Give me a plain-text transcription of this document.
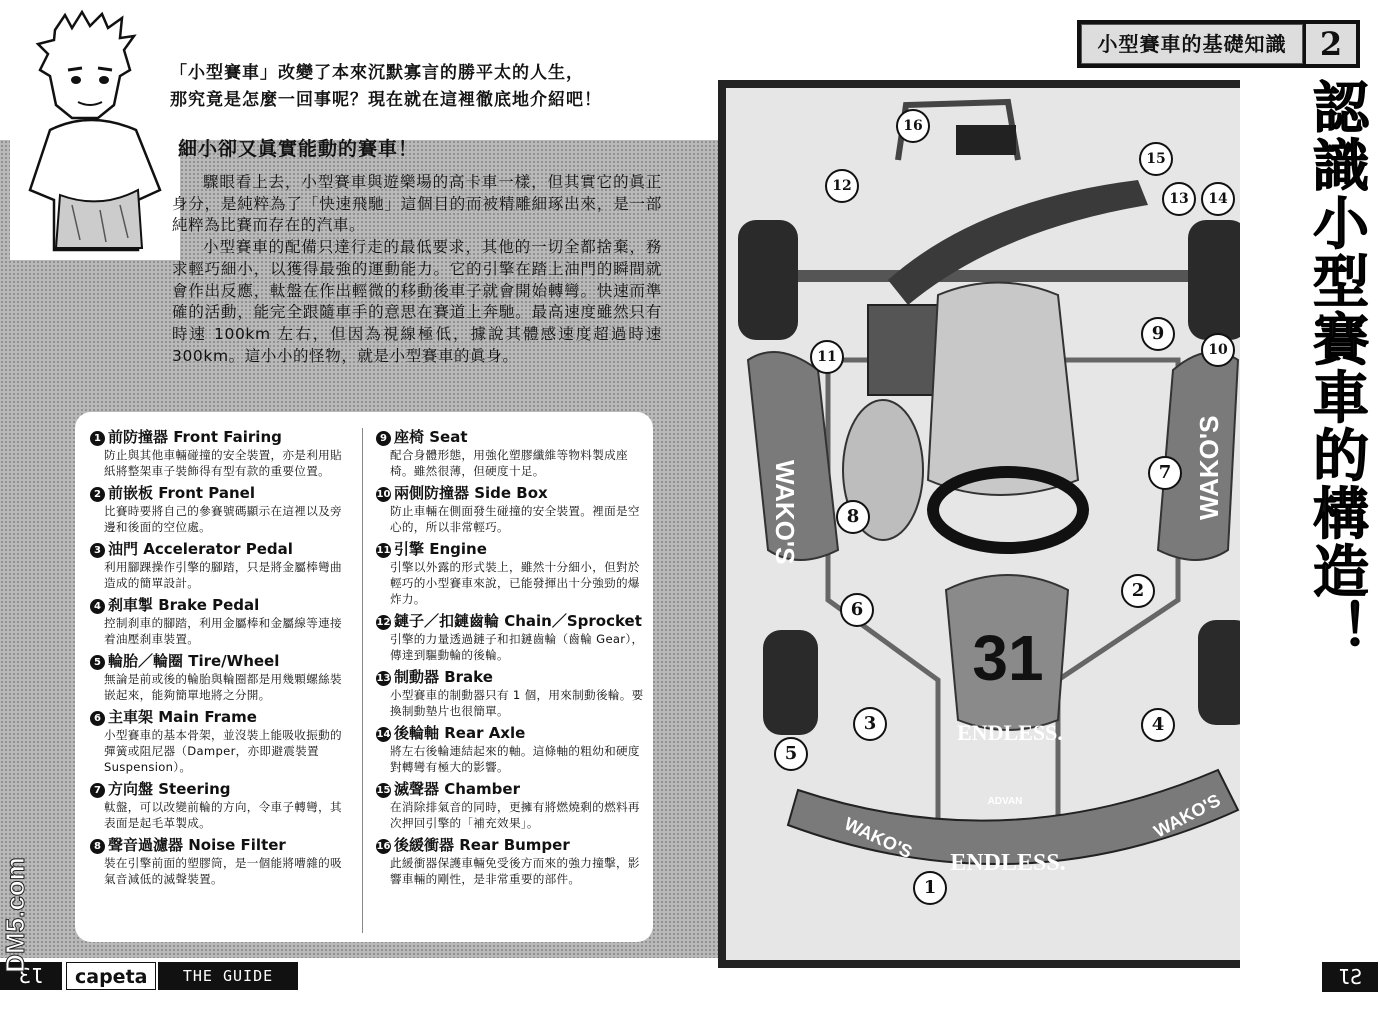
「小型賽車」改變了本來沉默寡言的勝平太的人生，
那究竟是怎麼一回事呢？現在就在這裡徹底地介紹吧！
細小卻又眞實能動的賽車！

驟眼看上去，小型賽車與遊樂場的高卡車一樣，但其實它的眞正身分，是純粹為了「快速飛馳」這個目的而被精雕細琢出來，是一部純粹為比賽而存在的汽車。

小型賽車的配備只達行走的最低要求，其他的一切全都捨棄，務求輕巧細小，以獲得最強的運動能力。它的引擎在踏上油門的瞬間就會作出反應，軚盤在作出輕微的移動後車子就會開始轉彎。快速而準確的活動，能完全跟隨車手的意思在賽道上奔馳。最高速度雖然只有時速 100km 左右，但因為視線極低，據說其體感速度超過時速 300km。這小小的怪物，就是小型賽車的眞身。

1 前防撞器 Front Fairing
防止與其他車輛碰撞的安全裝置，亦是利用貼紙將整架車子裝飾得有型有款的重要位置。
2 前嵌板 Front Panel
比賽時要將自己的參賽號碼顯示在這裡以及旁邊和後面的空位處。
3 油門 Accelerator Pedal
利用腳踝操作引擎的腳踏，只是將金屬棒彎曲造成的簡單設計。
4 刹車掣 Brake Pedal
控制刹車的腳踏，利用金屬棒和金屬線等連接着油壓刹車裝置。
5 輪胎／輪圈 Tire/Wheel
無論是前或後的輪胎與輪圈都是用幾顆螺絲裝嵌起來，能夠簡單地將之分開。
6 主車架 Main Frame
小型賽車的基本骨架，並沒裝上能吸收振動的彈簧或阻尼器（Damper，亦即避震裝置 Suspension）。
7 方向盤 Steering
軚盤，可以改變前輪的方向，令車子轉彎，其表面是起毛革製成。
8 聲音過濾器 Noise Filter
裝在引擎前面的塑膠筒，是一個能將嘈雜的吸氣音減低的滅聲裝置。
9 座椅 Seat
配合身體形態，用強化塑膠纖維等物料製成座椅。雖然很薄，但硬度十足。
10 兩側防撞器 Side Box
防止車輛在側面發生碰撞的安全裝置。裡面是空心的，所以非常輕巧。
11 引擎 Engine
引擎以外露的形式裝上，雖然十分細小，但對於輕巧的小型賽車來說，已能發揮出十分強勁的爆炸力。
12 鏈子／扣鏈齒輪 Chain／Sprocket
引擎的力量透過鏈子和扣鏈齒輪（齒輪 Gear），傳達到驅動輪的後輪。
13 制動器 Brake
小型賽車的制動器只有 1 個，用來制動後輪。要換制動墊片也很簡單。
14 後輪軸 Rear Axle
將左右後輪連結起來的軸。這條軸的粗幼和硬度對轉彎有極大的影響。
15 滅聲器 Chamber
在消除排氣音的同時，更擁有將燃燒剩的燃料再次押回引擎的「補充效果」。
16 後緩衝器 Rear Bumper
此緩衝器保護車輛免受後方而來的強力撞擊，影響車輛的剛性，是非常重要的部件。
ƐƖ	capeta	THE GUIDE BOOK
DM5.com
WAKO'S	WAKO'S
31
ENDLESS.
ENDLESS.
WAKO'S	WAKO'S
ADVAN
1
2
3	4
5
6
7
8
9
10
11
12
13	14
15
16
小型賽車的基礎知識	2
認識小型賽車的構造！
ƖƧ
